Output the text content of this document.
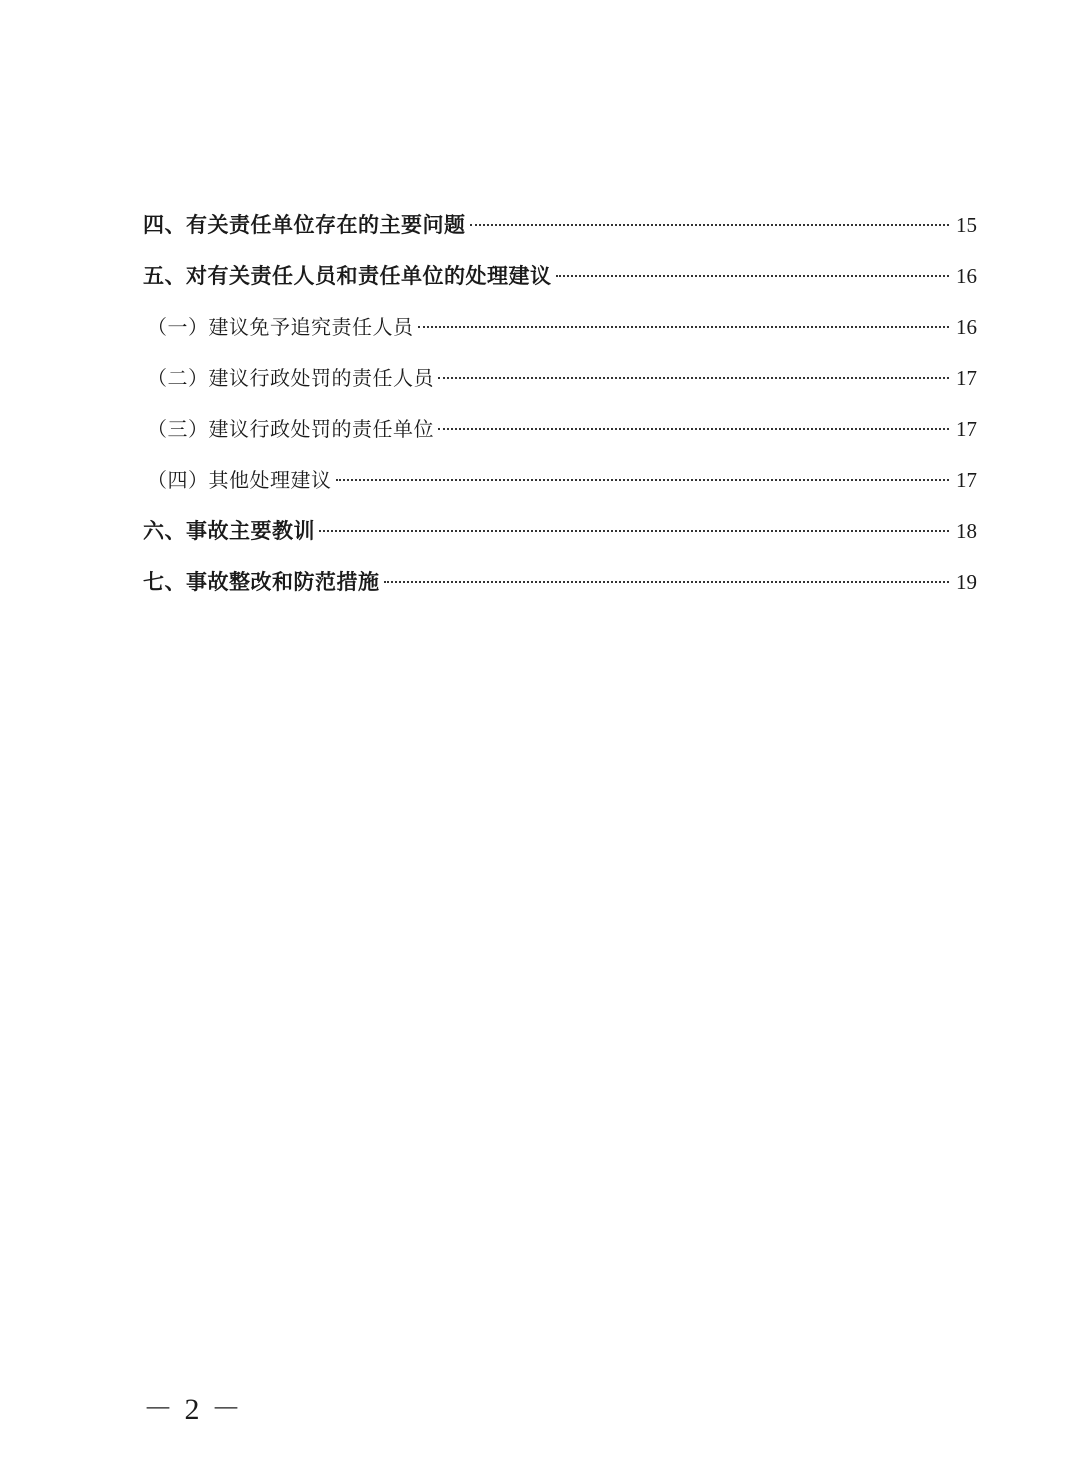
四、有关责任单位存在的主要问题	15
五、对有关责任人员和责任单位的处理建议	16
（一）建议免予追究责任人员	16
（二）建议行政处罚的责任人员	17
（三）建议行政处罚的责任单位	17
（四）其他处理建议	17
六、事故主要教训	18
七、事故整改和防范措施	19
－ 2 －
